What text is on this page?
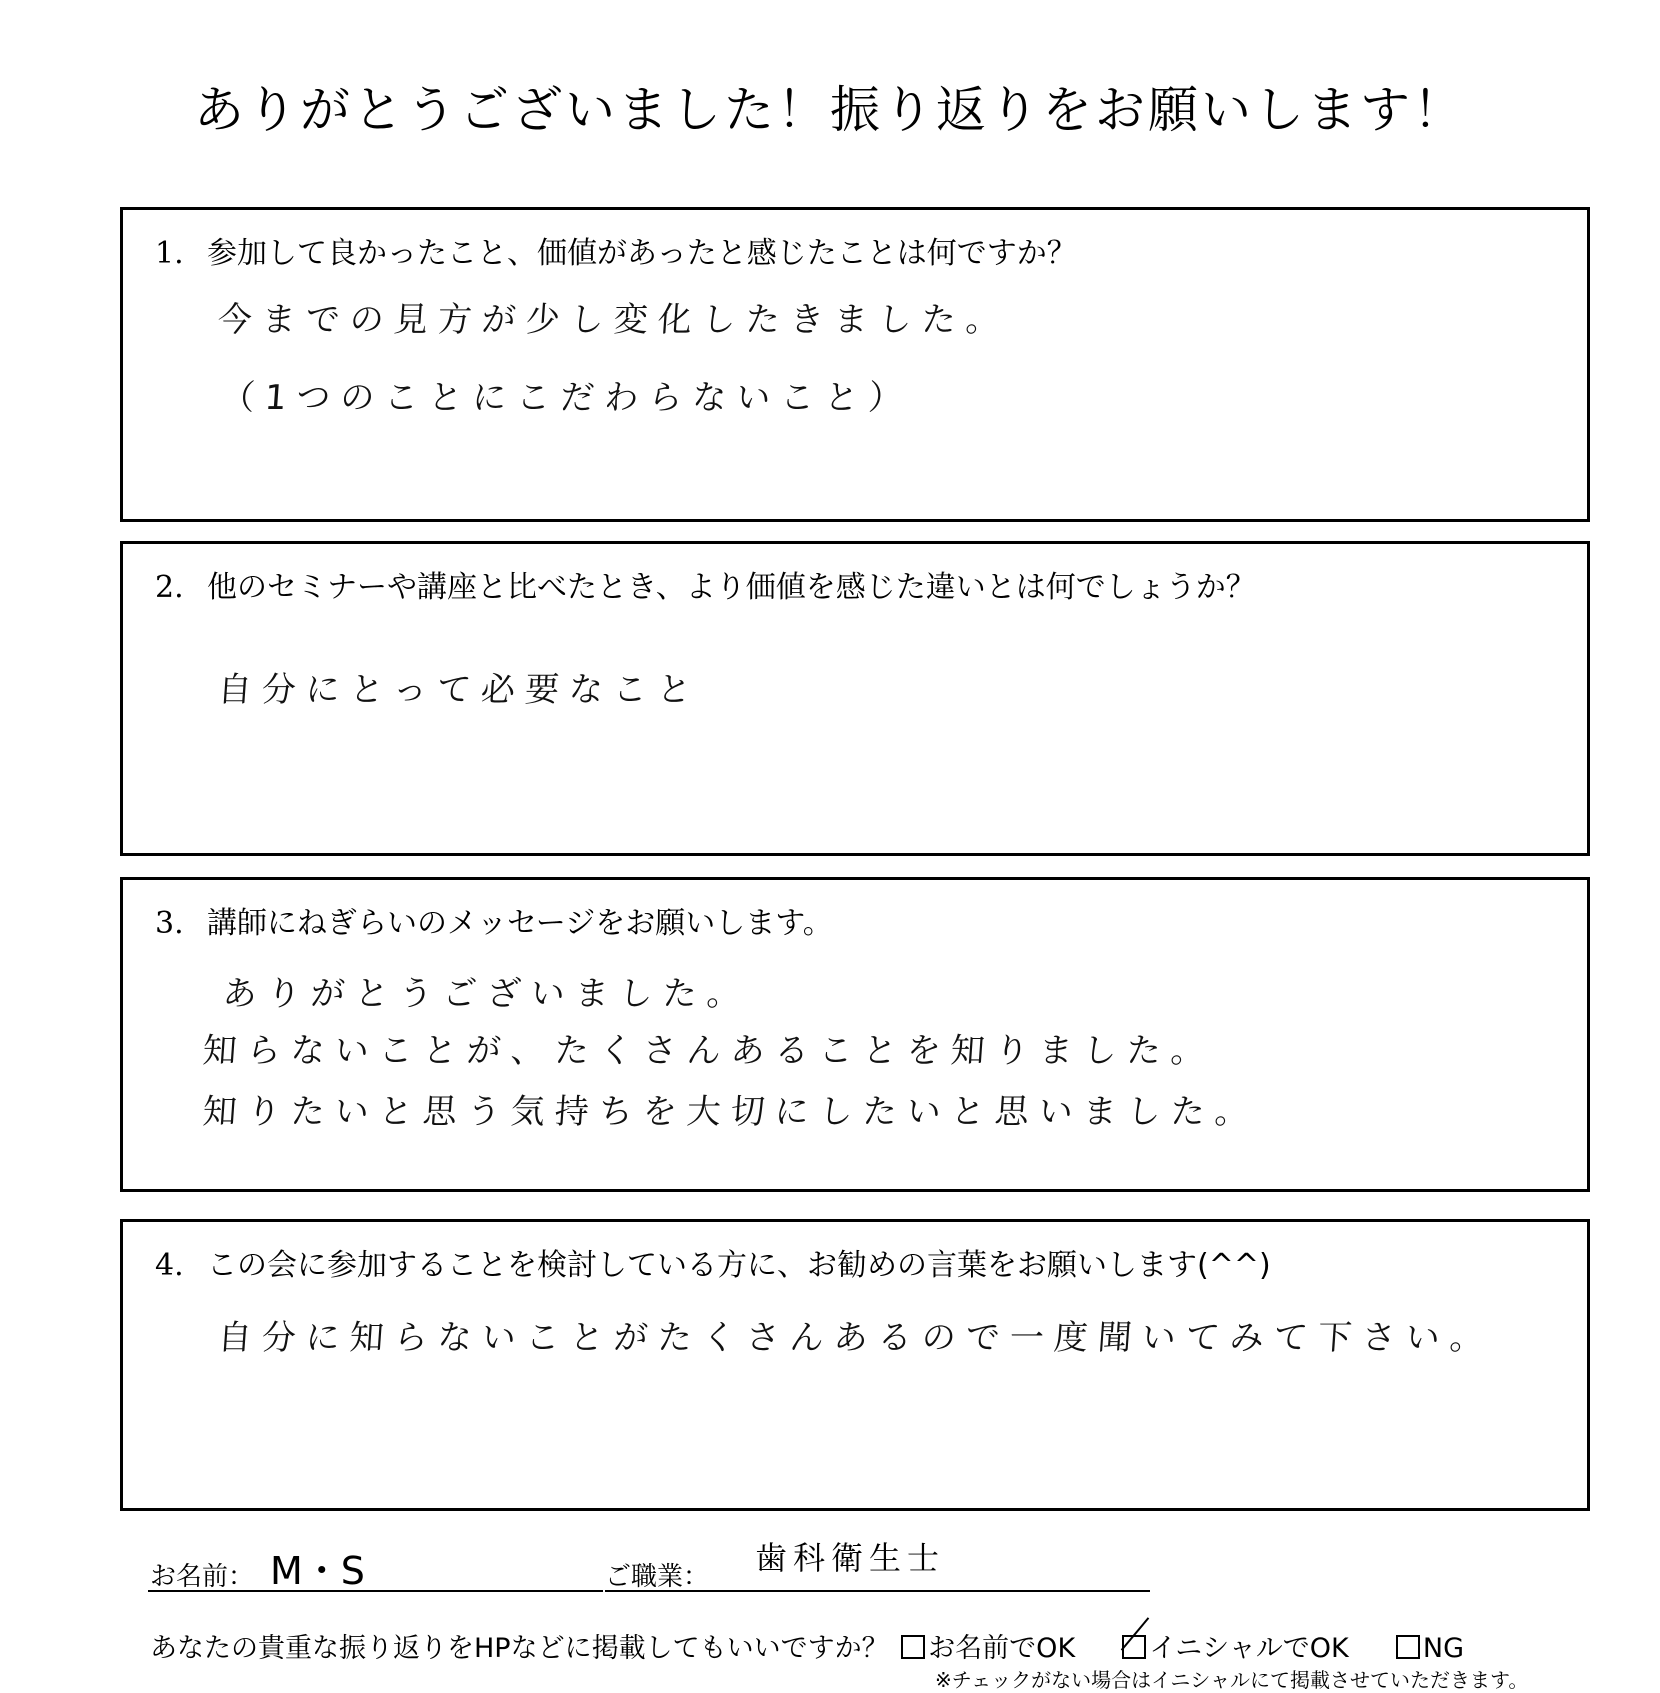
ありがとうございました！振り返りをお願いします！
1. 参加して良かったこと、価値があったと感じたことは何ですか？
今までの見方が少し変化したきました。
（1つのことにこだわらないこと）
2. 他のセミナーや講座と比べたとき、より価値を感じた違いとは何でしょうか？
自分にとって必要なこと
3. 講師にねぎらいのメッセージをお願いします。
ありがとうございました。
知らないことが、たくさんあることを知りました。
知りたいと思う気持ちを大切にしたいと思いました。
4. この会に参加することを検討している方に、お勧めの言葉をお願いします(^^)
自分に知らないことがたくさんあるので一度聞いてみて下さい。
お名前： M・S	ご職業： 歯科衛生士
あなたの貴重な振り返りをHPなどに掲載してもいいですか？ お名前でOK	イニシャルでOK	NG
※チェックがない場合はイニシャルにて掲載させていただきます。
